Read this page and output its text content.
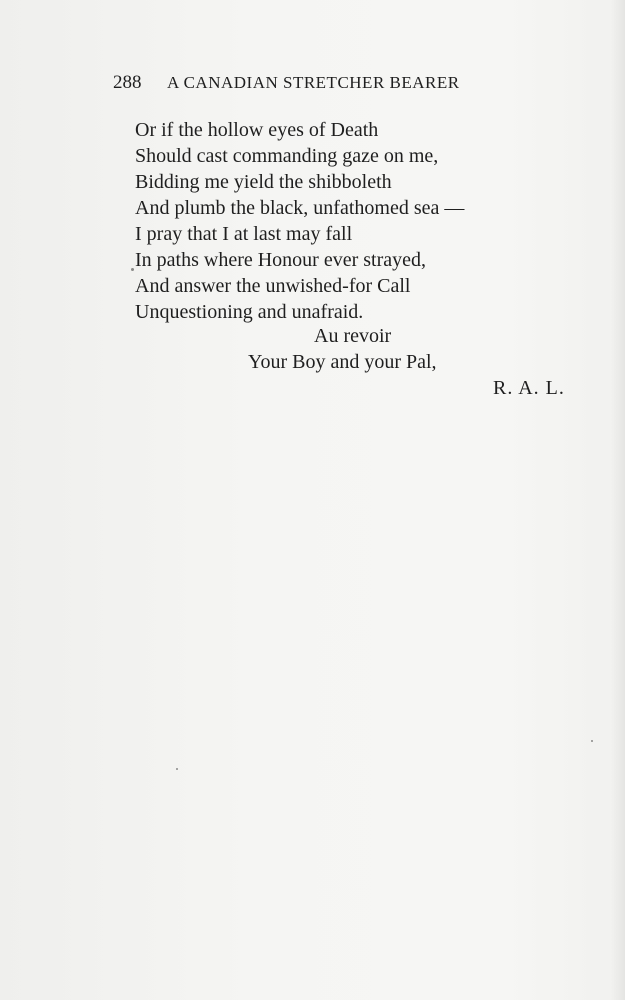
288 A CANADIAN STRETCHER BEARER
Or if the hollow eyes of Death
Should cast commanding gaze on me,
Bidding me yield the shibboleth
And plumb the black, unfathomed sea —
I pray that I at last may fall
In paths where Honour ever strayed,
And answer the unwished-for Call
Unquestioning and unafraid.
Au revoir
Your Boy and your Pal,
R. A. L.
